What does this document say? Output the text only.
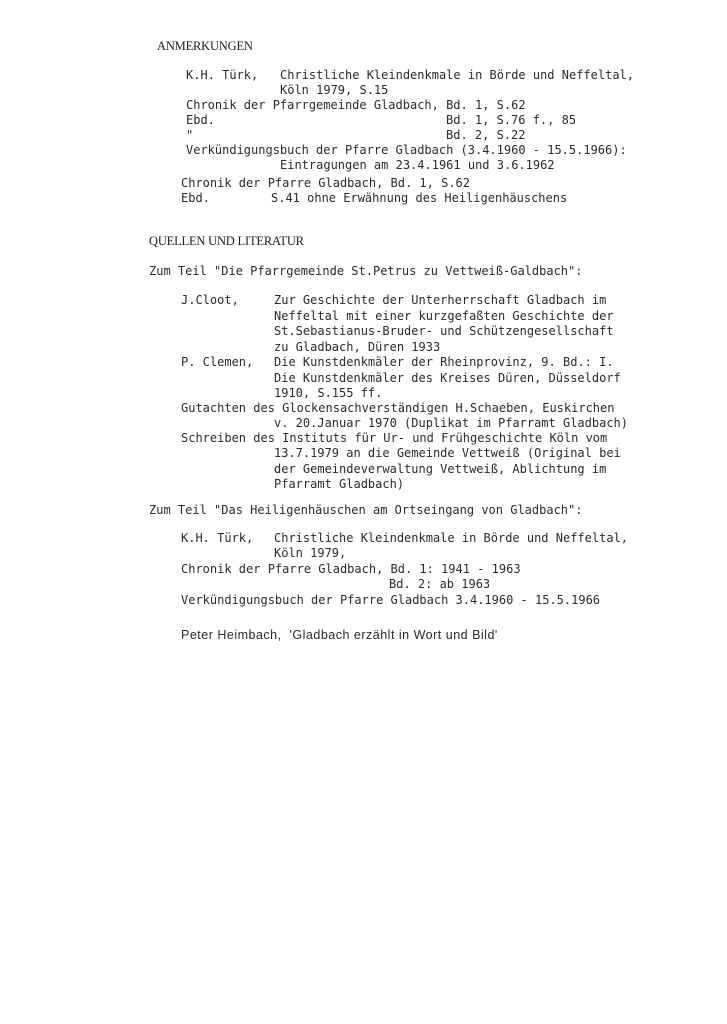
ANMERKUNGEN
K.H. Türk, Christliche Kleindenkmale in Börde und Neffeltal,
Köln 1979, S.15
Chronik der Pfarrgemeinde Gladbach, Bd. 1, S.62
Ebd.	Bd. 1, S.76 f., 85
"	Bd. 2, S.22
Verkündigungsbuch der Pfarre Gladbach (3.4.1960 - 15.5.1966):
Eintragungen am 23.4.1961 und 3.6.1962
Chronik der Pfarre Gladbach, Bd. 1, S.62
Ebd.	S.41 ohne Erwähnung des Heiligenhäuschens
QUELLEN UND LITERATUR
Zum Teil "Die Pfarrgemeinde St.Petrus zu Vettweiß-Galdbach":
J.Cloot,	Zur Geschichte der Unterherrschaft Gladbach im
Neffeltal mit einer kurzgefaßten Geschichte der
St.Sebastianus-Bruder- und Schützengesellschaft
zu Gladbach, Düren 1933
P. Clemen, Die Kunstdenkmäler der Rheinprovinz, 9. Bd.: I.
Die Kunstdenkmäler des Kreises Düren, Düsseldorf
1910, S.155 ff.
Gutachten des Glockensachverständigen H.Schaeben, Euskirchen
v. 20.Januar 1970 (Duplikat im Pfarramt Gladbach)
Schreiben des Instituts für Ur- und Frühgeschichte Köln vom
13.7.1979 an die Gemeinde Vettweiß (Original bei
der Gemeindeverwaltung Vettweiß, Ablichtung im
Pfarramt Gladbach)
Zum Teil "Das Heiligenhäuschen am Ortseingang von Gladbach":
K.H. Türk, Christliche Kleindenkmale in Börde und Neffeltal,
Köln 1979,
Chronik der Pfarre Gladbach, Bd. 1: 1941 - 1963
Bd. 2: ab 1963
Verkündigungsbuch der Pfarre Gladbach 3.4.1960 - 15.5.1966
Peter Heimbach,  'Gladbach erzählt in Wort und Bild'
